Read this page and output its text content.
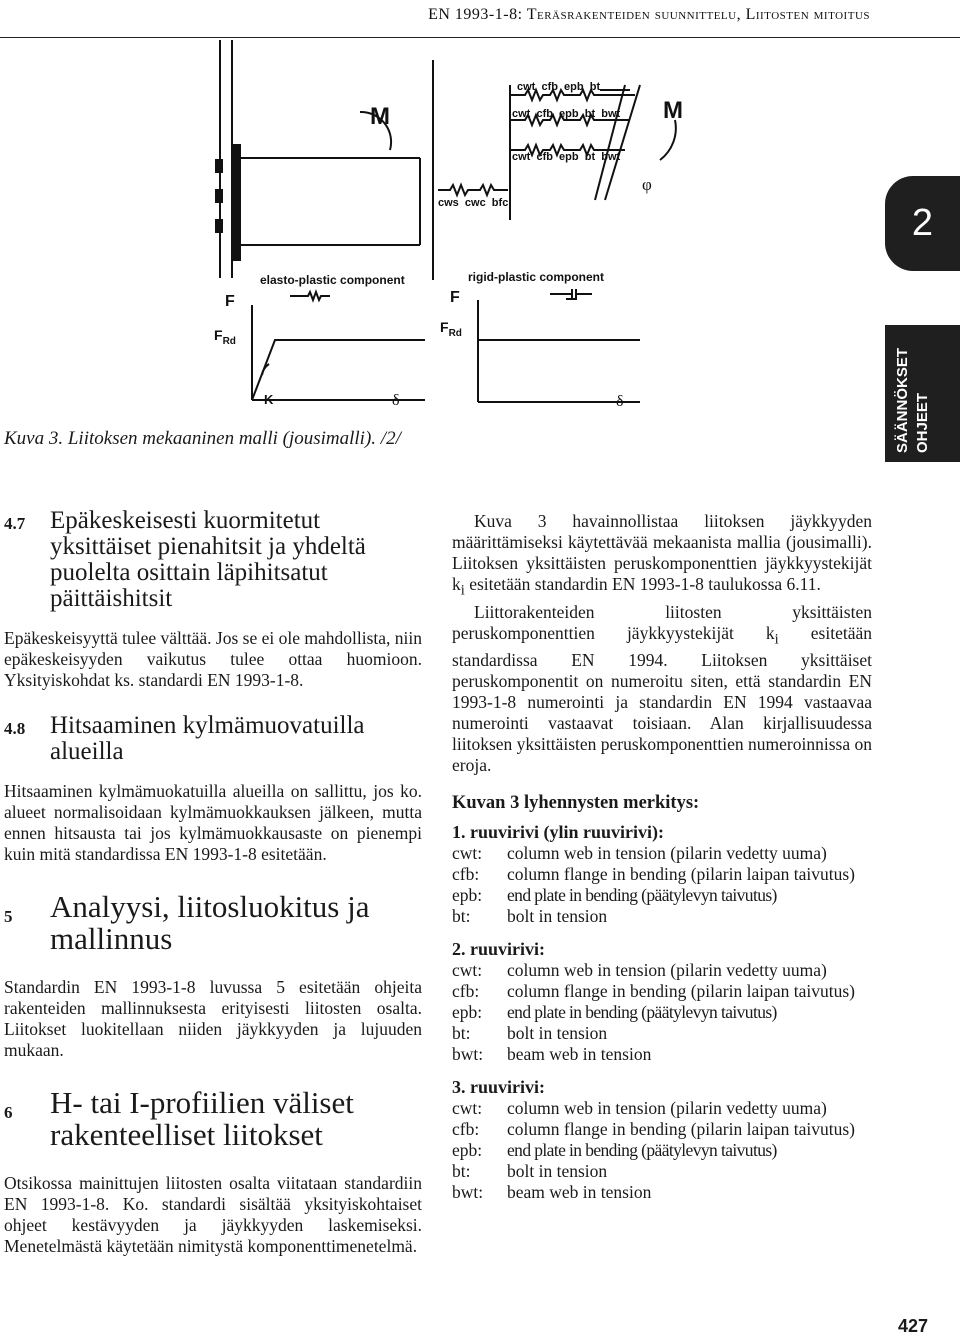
EN 1993-1-8: Teräsrakenteiden suunnittelu, Liitosten mitoitus
2
SÄÄNNÖKSET OHJEET
M	M
φ
cwt  cfb  epb  bt
cwt  cfb  epb  bt  bwt
cwt  cfb  epb  bt  bwt
cws  cwc  bfc
elasto-plastic component
F
$F_{Rd}$
K	δ
rigid-plastic component
F
$F_{Rd}$
δ
Kuva 3. Liitoksen mekaaninen malli (jousimalli). /2/
4.7 Epäkeskeisesti kuormitetut yksittäiset pienahitsit ja yhdeltä puolelta osittain läpihitsatut päittäishitsit

Epäkeskeisyyttä tulee välttää. Jos se ei ole mahdollista, niin epäkeskeisyyden vaikutus tulee ottaa huomioon. Yksityiskohdat ks. standardi EN 1993-1-8.

4.8 Hitsaaminen kylmämuovatuilla alueilla

Hitsaaminen kylmämuokatuilla alueilla on sallittu, jos ko. alueet normalisoidaan kylmämuokkauksen jälkeen, mutta ennen hitsausta tai jos kylmämuokkausaste on pienempi kuin mitä standardissa EN 1993-1-8 esitetään.

5	Analyysi, liitosluokitus ja mallinnus

Standardin EN 1993-1-8 luvussa 5 esitetään ohjeita rakenteiden mallinnuksesta erityisesti liitosten osalta. Liitokset luokitellaan niiden jäykkyyden ja lujuuden mukaan.

6	H- tai I-profiilien väliset rakenteelliset liitokset

Otsikossa mainittujen liitosten osalta viitataan standardiin EN 1993-1-8. Ko. standardi sisältää yksityiskohtaiset ohjeet kestävyyden ja jäykkyyden laskemiseksi. Menetelmästä käytetään nimitystä komponenttimenetelmä.

Kuva 3 havainnollistaa liitoksen jäykkyyden määrittämiseksi käytettävää mekaanista mallia (jousimalli). Liitoksen yksittäisten peruskomponenttien jäykkyystekijät $k_i$ esitetään standardin EN 1993-1-8 taulukossa 6.11.

Liittorakenteiden liitosten yksittäisten peruskomponenttien jäykkyystekijät $k_i$ esitetään standardissa EN 1994. Liitoksen yksittäiset peruskomponentit on numeroitu siten, että standardin EN 1993-1-8 numerointi ja standardin EN 1994 vastaavaa numerointi vastaavat toisiaan. Alan kirjallisuudessa liitoksen yksittäisten peruskomponenttien numeroinnissa on eroja.

Kuvan 3 lyhennysten merkitys:

1. ruuvirivi (ylin ruuvirivi):

cwt:	column web in tension (pilarin vedetty uuma)
cfb:	column flange in bending (pilarin laipan taivutus)
epb:	end plate in bending (päätylevyn taivutus)
bt:	bolt in tension

2. ruuvirivi:

cwt:	column web in tension (pilarin vedetty uuma)
cfb:	column flange in bending (pilarin laipan taivutus)
epb:	end plate in bending (päätylevyn taivutus)
bt:	bolt in tension
bwt:	beam web in tension

3. ruuvirivi:

cwt:	column web in tension (pilarin vedetty uuma)
cfb:	column flange in bending (pilarin laipan taivutus)
epb:	end plate in bending (päätylevyn taivutus)
bt:	bolt in tension
bwt:	beam web in tension
427
